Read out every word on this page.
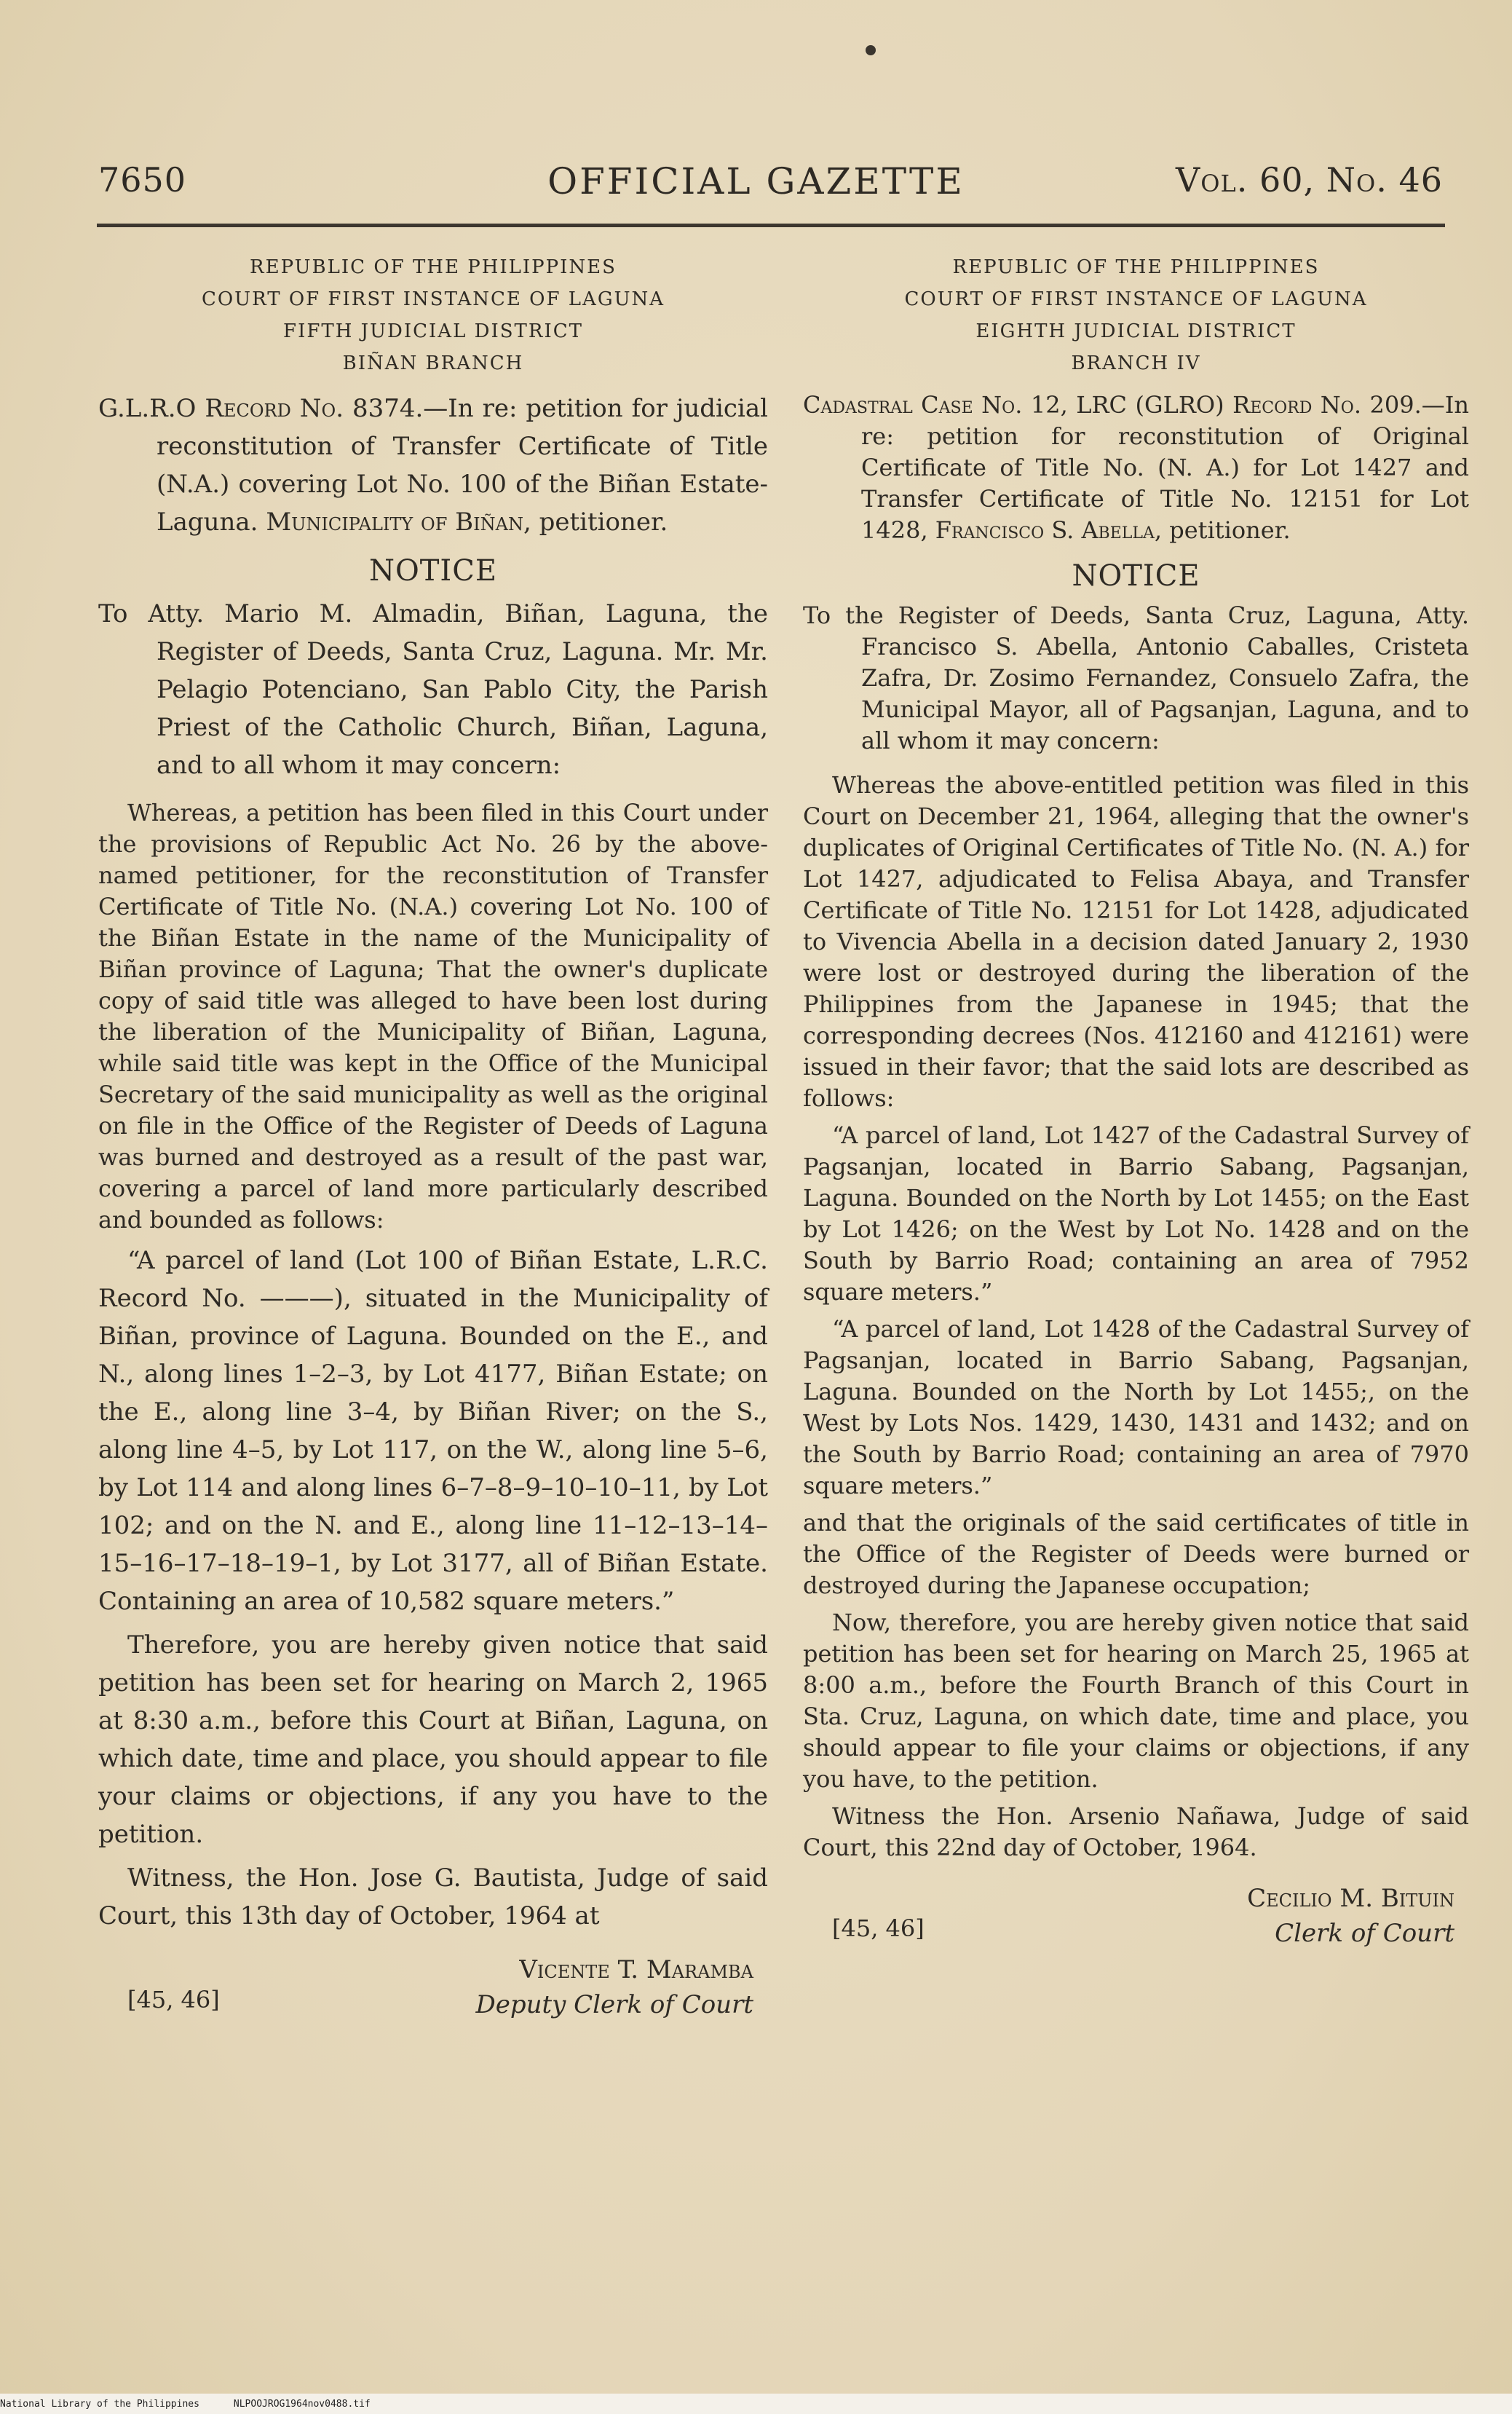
7650	OFFICIAL GAZETTE	Vol. 60, No. 46
REPUBLIC OF THE PHILIPPINES
COURT OF FIRST INSTANCE OF LAGUNA
FIFTH JUDICIAL DISTRICT
BIÑAN BRANCH
G.L.R.O Record No. 8374.—In re: petition for judicial reconstitution of Transfer Certificate of Title (N.A.) covering Lot No. 100 of the Biñan Estate-Laguna. Municipality of Biñan, petitioner.
NOTICE
To Atty. Mario M. Almadin, Biñan, Laguna, the Register of Deeds, Santa Cruz, Laguna. Mr. Mr. Pelagio Potenciano, San Pablo City, the Parish Priest of the Catholic Church, Biñan, Laguna, and to all whom it may concern:

Whereas, a petition has been filed in this Court under the provisions of Republic Act No. 26 by the above-named petitioner, for the reconstitution of Transfer Certificate of Title No. (N.A.) covering Lot No. 100 of the Biñan Estate in the name of the Municipality of Biñan province of Laguna; That the owner's duplicate copy of said title was alleged to have been lost during the liberation of the Municipality of Biñan, Laguna, while said title was kept in the Office of the Municipal Secretary of the said municipality as well as the original on file in the Office of the Register of Deeds of Laguna was burned and destroyed as a result of the past war, covering a parcel of land more particularly described and bounded as follows:

“A parcel of land (Lot 100 of Biñan Estate, L.R.C. Record No. ———), situated in the Municipality of Biñan, province of Laguna. Bounded on the E., and N., along lines 1–2–3, by Lot 4177, Biñan Estate; on the E., along line 3–4, by Biñan River; on the S., along line 4–5, by Lot 117, on the W., along line 5–6, by Lot 114 and along lines 6–7–8–9–10–10–11, by Lot 102; and on the N. and E., along line 11–12–13–14–15–16–17–18–19–1, by Lot 3177, all of Biñan Estate. Containing an area of 10,582 square meters.”

Therefore, you are hereby given notice that said petition has been set for hearing on March 2, 1965 at 8:30 a.m., before this Court at Biñan, Laguna, on which date, time and place, you should appear to file your claims or objections, if any you have to the petition.

Witness, the Hon. Jose G. Bautista, Judge of said Court, this 13th day of October, 1964 at

[45, 46]
Vicente T. Maramba
Deputy Clerk of Court
REPUBLIC OF THE PHILIPPINES
COURT OF FIRST INSTANCE OF LAGUNA
EIGHTH JUDICIAL DISTRICT
BRANCH IV
Cadastral Case No. 12, LRC (GLRO) Record No. 209.—In re: petition for reconstitution of Original Certificate of Title No. (N. A.) for Lot 1427 and Transfer Certificate of Title No. 12151 for Lot 1428, Francisco S. Abella, petitioner.
NOTICE
To the Register of Deeds, Santa Cruz, Laguna, Atty. Francisco S. Abella, Antonio Caballes, Cristeta Zafra, Dr. Zosimo Fernandez, Consuelo Zafra, the Municipal Mayor, all of Pagsanjan, Laguna, and to all whom it may concern:

Whereas the above-entitled petition was filed in this Court on December 21, 1964, alleging that the owner's duplicates of Original Certificates of Title No. (N. A.) for Lot 1427, adjudicated to Felisa Abaya, and Transfer Certificate of Title No. 12151 for Lot 1428, adjudicated to Vivencia Abella in a decision dated January 2, 1930 were lost or destroyed during the liberation of the Philippines from the Japanese in 1945; that the corresponding decrees (Nos. 412160 and 412161) were issued in their favor; that the said lots are described as follows:

“A parcel of land, Lot 1427 of the Cadastral Survey of Pagsanjan, located in Barrio Sabang, Pagsanjan, Laguna. Bounded on the North by Lot 1455; on the East by Lot 1426; on the West by Lot No. 1428 and on the South by Barrio Road; containing an area of 7952 square meters.”

“A parcel of land, Lot 1428 of the Cadastral Survey of Pagsanjan, located in Barrio Sabang, Pagsanjan, Laguna. Bounded on the North by Lot 1455;, on the West by Lots Nos. 1429, 1430, 1431 and 1432; and on the South by Barrio Road; containing an area of 7970 square meters.”

and that the originals of the said certificates of title in the Office of the Register of Deeds were burned or destroyed during the Japanese occupation;

Now, therefore, you are hereby given notice that said petition has been set for hearing on March 25, 1965 at 8:00 a.m., before the Fourth Branch of this Court in Sta. Cruz, Laguna, on which date, time and place, you should appear to file your claims or objections, if any you have, to the petition.

Witness the Hon. Arsenio Nañawa, Judge of said Court, this 22nd day of October, 1964.

[45, 46]
Cecilio M. Bituin
Clerk of Court
National Library of the Philippines	NLPOOJROG1964nov0488.tif
